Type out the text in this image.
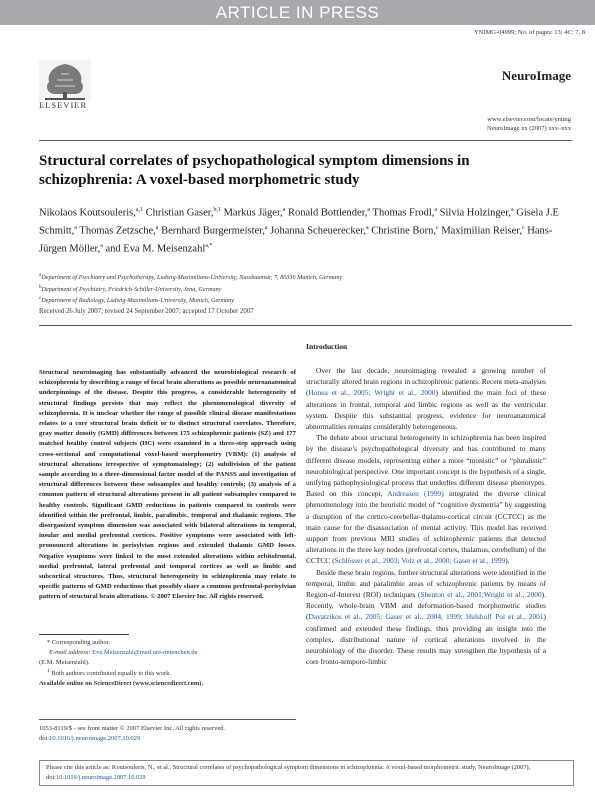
ARTICLE IN PRESS
YNIMG-04999; No. of pages: 13; 4C: 7, 8
ELSEVIER
NeuroImage
www.elsevier.com/locate/ynimg
NeuroImage xx (2007) xxx–xxx
Structural correlates of psychopathological symptom dimensions in schizophrenia: A voxel-based morphometric study
Nikolaos Koutsouleris,$^{a,1}$ Christian Gaser,$^{b,1}$ Markus Jäger,$^a$ Ronald Bottlender,$^a$ Thomas Frodl,$^a$ Silvia Holzinger,$^a$ Gisela J.E Schmitt,$^a$ Thomas Zetzsche,$^a$ Bernhard Burgermeister,$^a$ Johanna Scheuerecker,$^a$ Christine Born,$^c$ Maximilian Reiser,$^c$ Hans-Jürgen Möller,$^a$ and Eva M. Meisenzahl$^{a,*}$
$^a$Department of Psychiatry and Psychotherapy, Ludwig-Maximilians-University, Nussbaumstr, 7, 80336 Munich, Germany
$^b$Department of Psychiatry, Friedrich-Schiller-University, Jena, Germany
$^c$Department of Radiology, Ludwig-Maximilians-University, Munich, Germany
Received 26 July 2007; revised 24 September 2007; accepted 17 October 2007
Structural neuroimaging has substantially advanced the neurobiological research of schizophrenia by describing a range of focal brain alterations as possible neuroanatomical underpinnings of the disease. Despite this progress, a considerable heterogeneity of structural findings persists that may reflect the phenomenological diversity of schizophrenia. It is unclear whether the range of possible clinical disease manifestations relates to a core structural brain deficit or to distinct structural correlates. Therefore, gray matter density (GMD) differences between 175 schizophrenic patients (SZ) and 177 matched healthy control subjects (HC) were examined in a three-step approach using cross-sectional and computational voxel-based morphometry (VBM): (1) analysis of structural alterations irrespective of symptomatology; (2) subdivision of the patient sample according to a three-dimensional factor model of the PANSS and investigation of structural differences between these subsamples and healthy controls; (3) analysis of a common pattern of structural alterations present in all patient subsamples compared to healthy controls. Significant GMD reductions in patients compared to controls were identified within the prefrontal, limbic, paralimbic, temporal and thalamic regions. The disorganized symptom dimension was associated with bilateral alterations in temporal, insular and medial prefrontal cortices. Positive symptoms were associated with left-pronounced alterations in perisylvian regions and extended thalamic GMD losses. Negative symptoms were linked to the most extended alterations within orbitofrontal, medial prefrontal, lateral prefrontal and temporal cortices as well as limbic and subcortical structures. Thus, structural heterogeneity in schizophrenia may relate to specific patterns of GMD reductions that possibly share a common prefrontal-perisylvian pattern of structural brain alterations. © 2007 Elsevier Inc. All rights reserved.
* Corresponding author.
E-mail address: Eva.Meisenzahl@med.uni-muenchen.de
(E.M. Meisenzahl).
$^1$ Both authors contributed equally to this work.
Available online on ScienceDirect (www.sciencedirect.com).
1053-8119/$ - see front matter © 2007 Elsevier Inc. All rights reserved.
doi:10.1016/j.neuroimage.2007.10.029
Introduction

Over the last decade, neuroimaging revealed a growing number of structurally altered brain regions in schizophrenic patients. Recent meta-analyses (Honea et al., 2005; Wright et al., 2000) identified the main foci of these alterations in frontal, temporal and limbic regions as well as the ventricular system. Despite this substantial progress, evidence for neuroanatomical abnormalities remains considerably heterogeneous.

The debate about structural heterogeneity in schizophrenia has been inspired by the disease’s psychopathological diversity and has contributed to many different disease models, representing either a more “monistic” or “pluralistic” neurobiological perspective. One important concept is the hypothesis of a single, unifying pathophysiological process that underlies different disease phenotypes. Based on this concept, Andreasen (1999) integrated the diverse clinical phenomenology into the heuristic model of “cognitive dysmetria” by suggesting a disruption of the cortico-cerebellar-thalamo-cortical circuit (CCTCC) as the main cause for the disassociation of mental activity. This model has received support from previous MRI studies of schizophrenic patients that detected alterations in the three key nodes (prefrontal cortex, thalamus, cerebellum) of the CCTCC (Schlösser et al., 2003; Volz et al., 2000; Gaser et al., 1999).

Beside these brain regions, further structural alterations were identified in the temporal, limbic and paralimbic areas of schizophrenic patients by means of Region-of-Interest (ROI) techniques (Shenton et al., 2001;Wright et al., 2000). Recently, whole-brain VBM and deformation-based morphometric studies (Davatzikos et al., 2005; Gaser et al., 2004, 1999; Hulshoff Pol et al., 2001) confirmed and extended these findings, thus providing an insight into the complex, distributional nature of cortical alterations involved in the neurobiology of the disorder. These results may strengthen the hypothesis of a core fronto-temporo-limbic

Please cite this article as: Koutsouleris, N., et al., Structural correlates of psychopathological symptom dimensions in schizophrenia: A voxel-based morphometric study, NeuroImage (2007), doi:10.1016/j.neuroimage.2007.10.029
